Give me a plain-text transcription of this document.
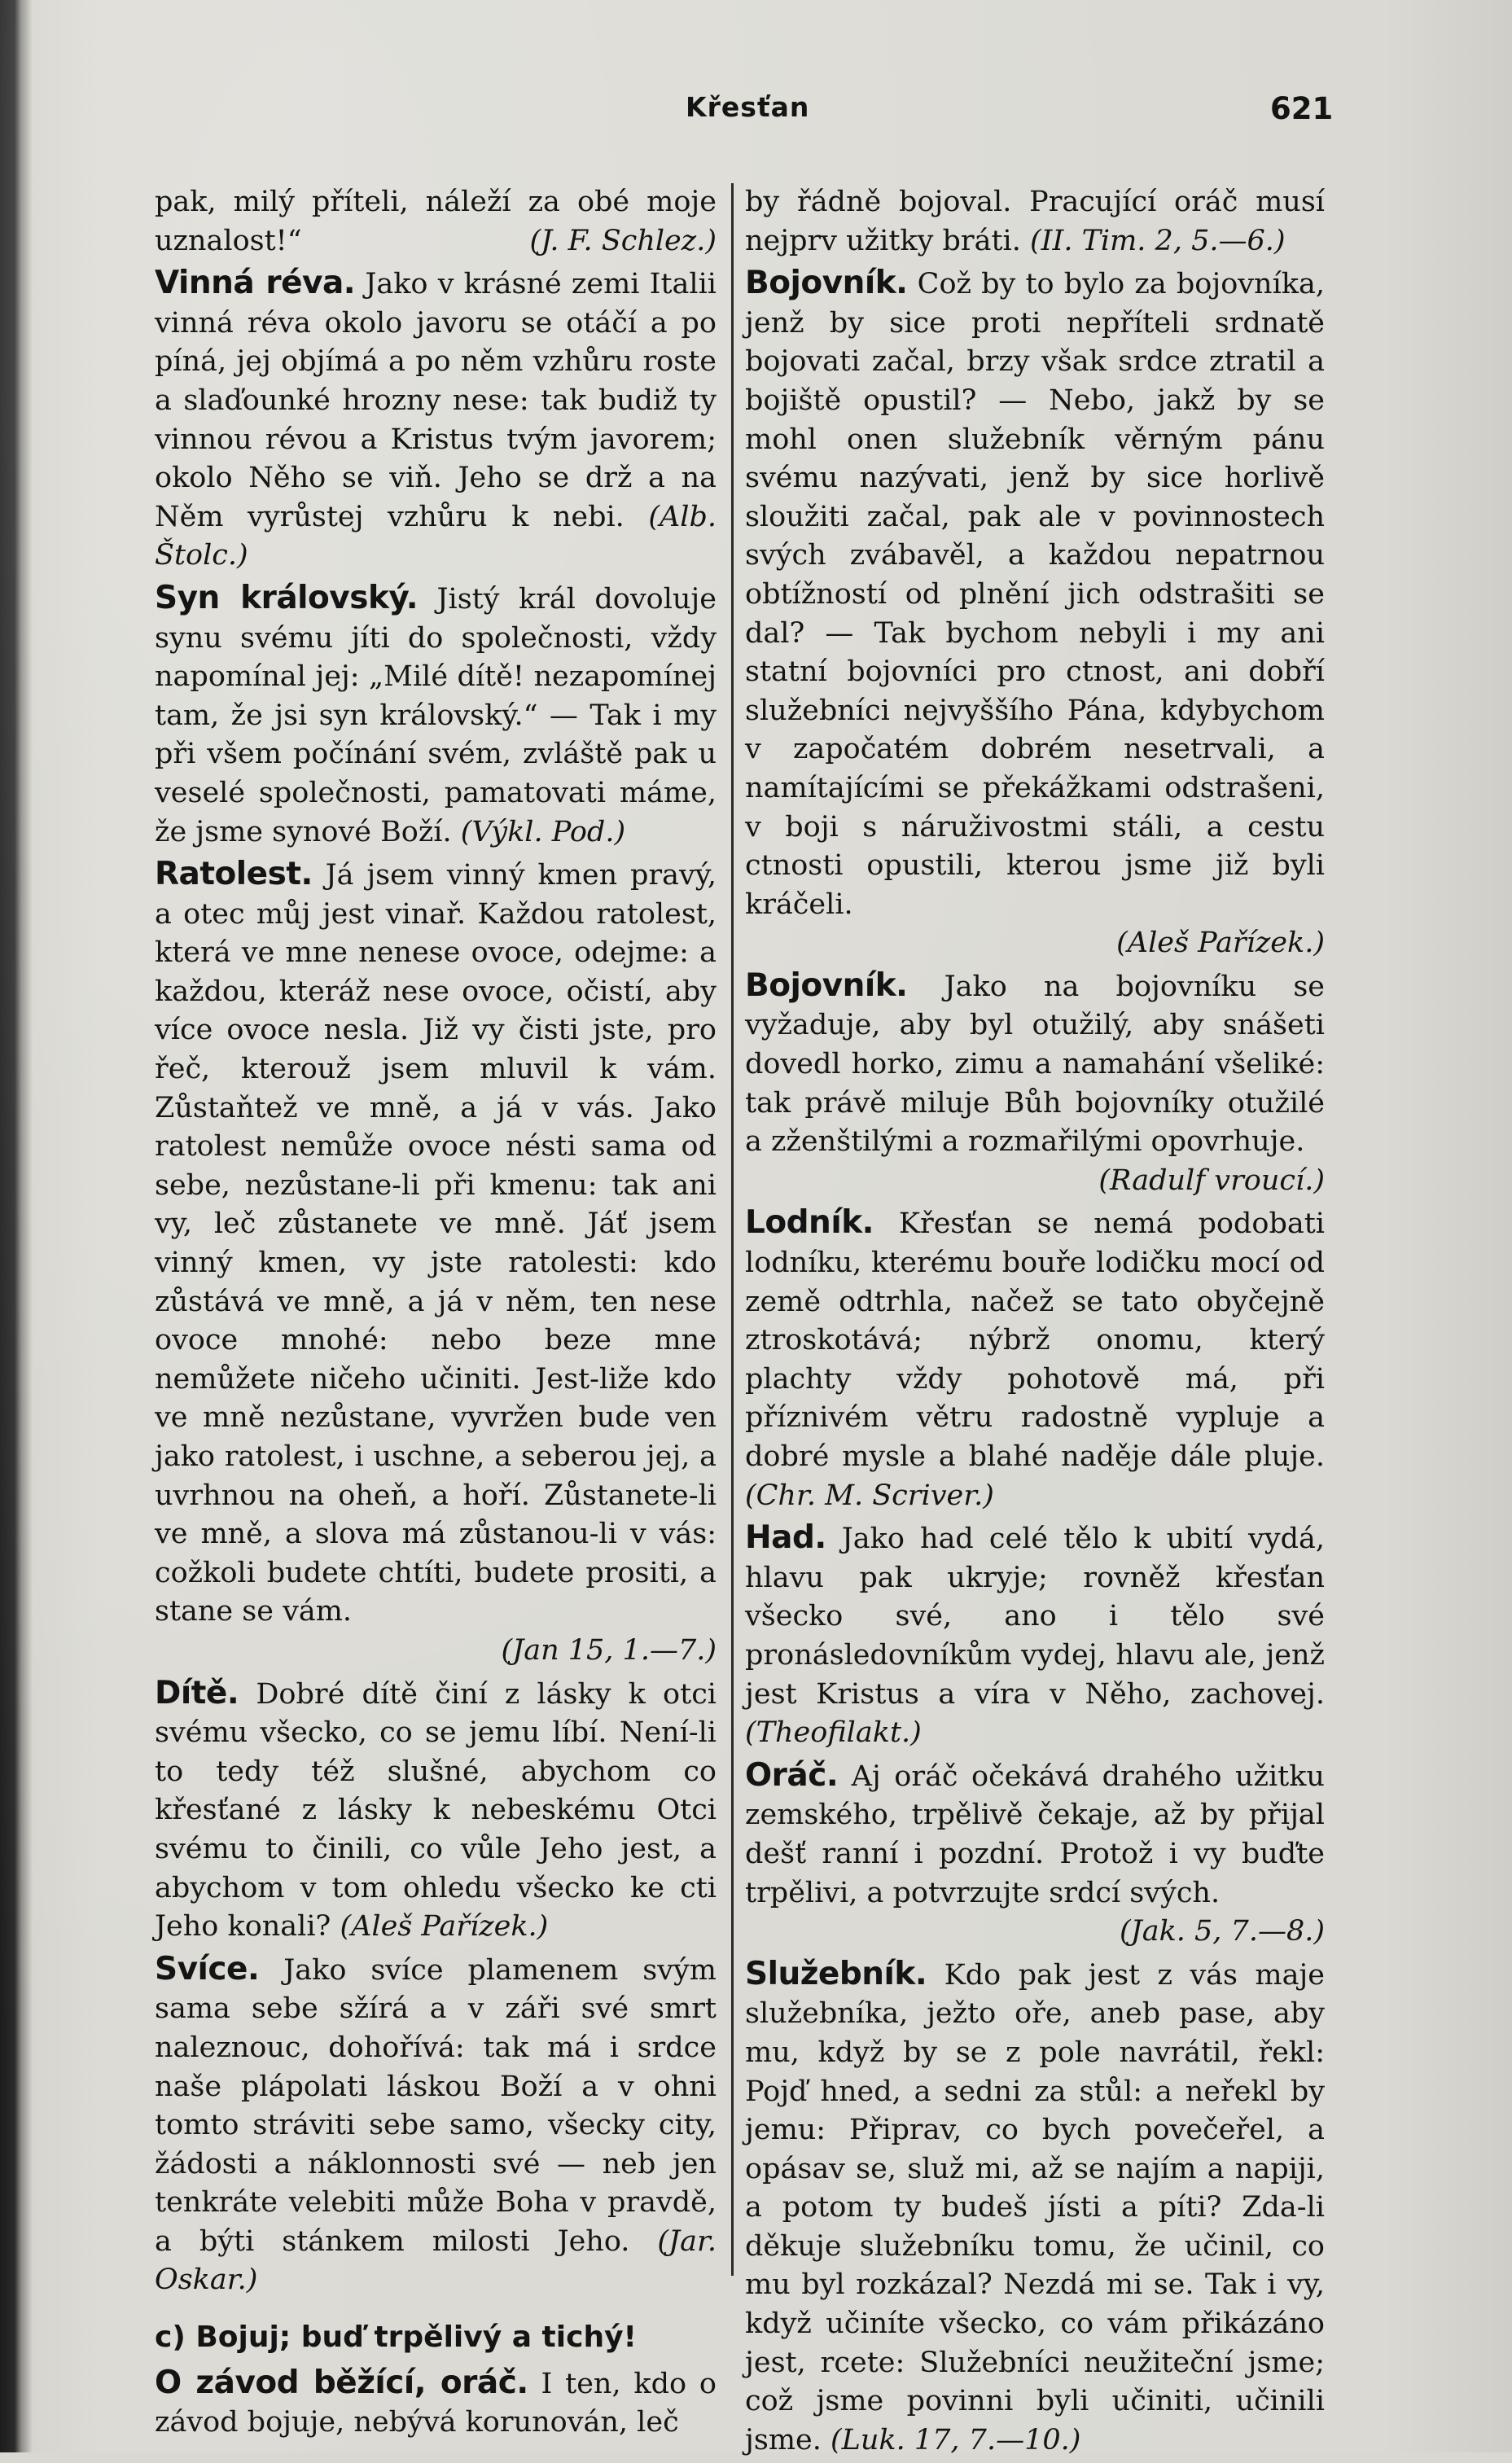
Křesťan	621

pak, milý příteli, náleží za obé moje uznalost!“	(J. F. Schlez.)

Vinná réva. Jako v krásné zemi Italii vinná réva okolo javoru se otáčí a po píná, jej objímá a po něm vzhůru roste a slaďounké hrozny nese: tak budiž ty vinnou révou a Kristus tvým javorem; okolo Něho se viň. Jeho se drž a na Něm vyrůstej vzhůru k nebi. (Alb. Štolc.)

Syn královský. Jistý král dovoluje synu svému jíti do společnosti, vždy napomínal jej: „Milé dítě! nezapomínej tam, že jsi syn královský.“ — Tak i my při všem počínání svém, zvláště pak u veselé společnosti, pamatovati máme, že jsme synové Boží. (Výkl. Pod.)

Ratolest. Já jsem vinný kmen pravý, a otec můj jest vinař. Každou ratolest, která ve mne nenese ovoce, odejme: a každou, kteráž nese ovoce, očistí, aby více ovoce nesla. Již vy čisti jste, pro řeč, kterouž jsem mluvil k vám. Zůstaňtež ve mně, a já v vás. Jako ratolest nemůže ovoce nésti sama od sebe, nezůstane-li při kmenu: tak ani vy, leč zůstanete ve mně. Jáť jsem vinný kmen, vy jste ratolesti: kdo zůstává ve mně, a já v něm, ten nese ovoce mnohé: nebo beze mne nemůžete ničeho učiniti. Jest-liže kdo ve mně nezůstane, vyvržen bude ven jako ratolest, i uschne, a seberou jej, a uvrhnou na oheň, a hoří. Zůstanete-li ve mně, a slova má zůstanou-li v vás: cožkoli budete chtíti, budete prositi, a stane se vám.
(Jan 15, 1.—7.)

Dítě. Dobré dítě činí z lásky k otci svému všecko, co se jemu líbí. Není-li to tedy též slušné, abychom co křesťané z lásky k nebeskému Otci svému to činili, co vůle Jeho jest, a abychom v tom ohledu všecko ke cti Jeho konali? (Aleš Pařízek.)

Svíce. Jako svíce plamenem svým sama sebe sžírá a v záři své smrt naleznouc, dohořívá: tak má i srdce naše plápolati láskou Boží a v ohni tomto stráviti sebe samo, všecky city, žádosti a náklonnosti své — neb jen tenkráte velebiti může Boha v pravdě, a býti stánkem milosti Jeho. (Jar. Oskar.)

c) Bojuj; buď trpělivý a tichý!

O závod běžící, oráč. I ten, kdo o závod bojuje, nebývá korunován, leč

by řádně bojoval. Pracující oráč musí nejprv užitky bráti. (II. Tim. 2, 5.—6.)

Bojovník. Což by to bylo za bojovníka, jenž by sice proti nepříteli srdnatě bojovati začal, brzy však srdce ztratil a bojiště opustil? — Nebo, jakž by se mohl onen služebník věrným pánu svému nazývati, jenž by sice horlivě sloužiti začal, pak ale v povinnostech svých zvábavěl, a každou nepatrnou obtížností od plnění jich odstrašiti se dal? — Tak bychom nebyli i my ani statní bojovníci pro ctnost, ani dobří služebníci nejvyššího Pána, kdybychom v započatém dobrém nesetrvali, a namítajícími se překážkami odstrašeni, v boji s náruživostmi stáli, a cestu ctnosti opustili, kterou jsme již byli kráčeli.
(Aleš Pařízek.)

Bojovník. Jako na bojovníku se vyžaduje, aby byl otužilý, aby snášeti dovedl horko, zimu a namahání všeliké: tak právě miluje Bůh bojovníky otužilé a zženštilými a rozmařilými opovrhuje.
(Radulf vroucí.)

Lodník. Křesťan se nemá podobati lodníku, kterému bouře lodičku mocí od země odtrhla, načež se tato obyčejně ztroskotává; nýbrž onomu, který plachty vždy pohotově má, při příznivém větru radostně vypluje a dobré mysle a blahé naděje dále pluje. (Chr. M. Scriver.)

Had. Jako had celé tělo k ubití vydá, hlavu pak ukryje; rovněž křesťan všecko své, ano i tělo své pronásledovníkům vydej, hlavu ale, jenž jest Kristus a víra v Něho, zachovej. (Theofilakt.)

Oráč. Aj oráč očekává drahého užitku zemského, trpělivě čekaje, až by přijal dešť ranní i pozdní. Protož i vy buďte trpělivi, a potvrzujte srdcí svých.
(Jak. 5, 7.—8.)

Služebník. Kdo pak jest z vás maje služebníka, ježto oře, aneb pase, aby mu, když by se z pole navrátil, řekl: Pojď hned, a sedni za stůl: a neřekl by jemu: Připrav, co bych povečeřel, a opásav se, služ mi, až se najím a napiji, a potom ty budeš jísti a píti? Zda-li děkuje služebníku tomu, že učinil, co mu byl rozkázal? Nezdá mi se. Tak i vy, když učiníte všecko, co vám přikázáno jest, rcete: Služebníci neužiteční jsme; což jsme povinni byli učiniti, učinili jsme. (Luk. 17, 7.—10.)
